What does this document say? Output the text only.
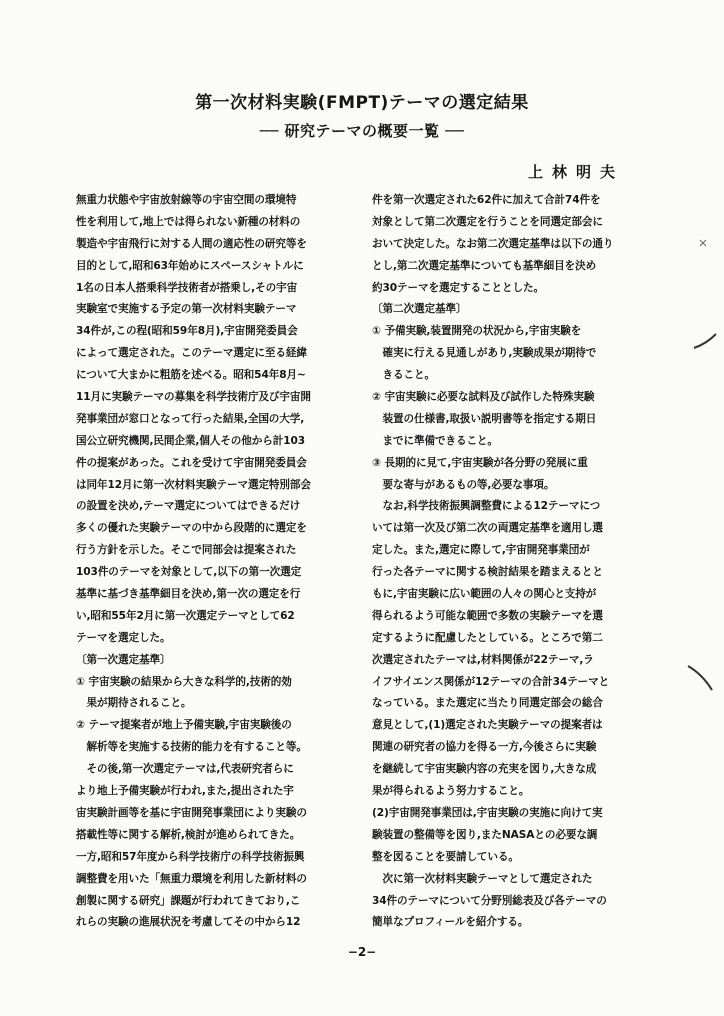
第一次材料実験(FMPT)テーマの選定結果
── 研究テーマの概要一覧 ──
上林明夫
無重力状態や宇宙放射線等の宇宙空間の環境特
性を利用して,地上では得られない新種の材料の
製造や宇宙飛行に対する人間の適応性の研究等を
目的として,昭和63年始めにスペースシャトルに
1名の日本人搭乗科学技術者が搭乗し,その宇宙
実験室で実施する予定の第一次材料実験テーマ
34件が,この程(昭和59年8月),宇宙開発委員会
によって選定された。このテーマ選定に至る経緯
について大まかに粗筋を述べる。昭和54年8月~
11月に実験テーマの募集を科学技術庁及び宇宙開
発事業団が窓口となって行った結果,全国の大学,
国公立研究機関,民間企業,個人その他から計103
件の提案があった。これを受けて宇宙開発委員会
は同年12月に第一次材料実験テーマ選定特別部会
の設置を決め,テーマ選定についてはできるだけ
多くの優れた実験テーマの中から段階的に選定を
行う方針を示した。そこで同部会は提案された
103件のテーマを対象として,以下の第一次選定
基準に基づき基準細目を決め,第一次の選定を行
い,昭和55年2月に第一次選定テーマとして62
テーマを選定した。
〔第一次選定基準〕
① 宇宙実験の結果から大きな科学的,技術的効
　果が期待されること。
② テーマ提案者が地上予備実験,宇宙実験後の
　解析等を実施する技術的能力を有すること等。
　その後,第一次選定テーマは,代表研究者らに
より地上予備実験が行われ,また,提出された宇
宙実験計画等を基に宇宙開発事業団により実験の
搭載性等に関する解析,検討が進められてきた。
一方,昭和57年度から科学技術庁の科学技術振興
調整費を用いた「無重力環境を利用した新材料の
創製に関する研究」課題が行われてきており,こ
れらの実験の進展状況を考慮してその中から12
件を第一次選定された62件に加えて合計74件を
対象として第二次選定を行うことを同選定部会に
おいて決定した。なお第二次選定基準は以下の通り
とし,第二次選定基準についても基準細目を決め
約30テーマを選定することとした。
〔第二次選定基準〕
① 予備実験,装置開発の状況から,宇宙実験を
　確実に行える見通しがあり,実験成果が期待で
　きること。
② 宇宙実験に必要な試料及び試作した特殊実験
　装置の仕様書,取扱い説明書等を指定する期日
　までに準備できること。
③ 長期的に見て,宇宙実験が各分野の発展に重
　要な寄与があるもの等,必要な事項。
　なお,科学技術振興調整費による12テーマにつ
いては第一次及び第二次の両選定基準を適用し選
定した。また,選定に際して,宇宙開発事業団が
行った各テーマに関する検討結果を踏まえるとと
もに,宇宙実験に広い範囲の人々の関心と支持が
得られるよう可能な範囲で多数の実験テーマを選
定するように配慮したとしている。ところで第二
次選定されたテーマは,材料関係が22テーマ,ラ
イフサイエンス関係が12テーマの合計34テーマと
なっている。また選定に当たり同選定部会の総合
意見として,(1)選定された実験テーマの提案者は
関連の研究者の協力を得る一方,今後さらに実験
を継続して宇宙実験内容の充実を図り,大きな成
果が得られるよう努力すること。
(2)宇宙開発事業団は,宇宙実験の実施に向けて実
験装置の整備等を図り,またNASAとの必要な調
整を図ることを要請している。
　次に第一次材料実験テーマとして選定された
34件のテーマについて分野別総表及び各テーマの
簡単なプロフィールを紹介する。
−2−
